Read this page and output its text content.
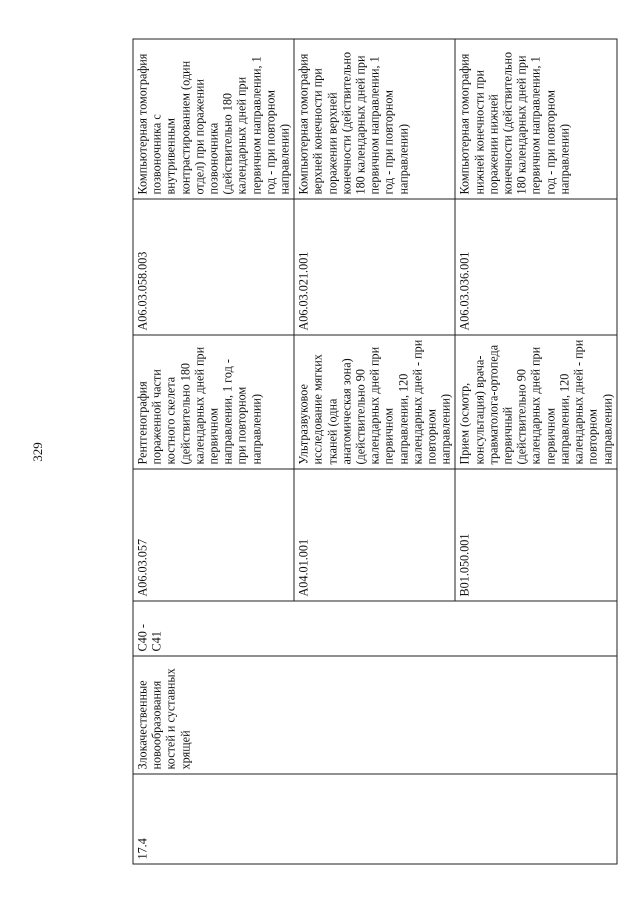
329
17.4	Злокачественные новообразования костей и суставных хрящей	C40 - C41	A06.03.057	Рентгенография пораженной части костного скелета (действительно 180 календарных дней при первичном направлении, 1 год - при повторном направлении)	A06.03.058.003	Компьютерная томография позвоночника с внутривенным контрастированием (один отдел) при поражении позвоночника (действительно 180 календарных дней при первичном направлении, 1 год - при повторном направлении)
			A04.01.001	Ультразвуковое исследование мягких тканей (одна анатомическая зона) (действительно 90 календарных дней при первичном направлении, 120 календарных дней - при повторном направлении)	A06.03.021.001	Компьютерная томография верхней конечности при поражении верхней конечности (действительно 180 календарных дней при первичном направлении, 1 год - при повторном направлении)
			B01.050.001	Прием (осмотр, консультация) врача-травматолога-ортопеда первичный (действительно 90 календарных дней при первичном направлении, 120 календарных дней - при повторном направлении)	A06.03.036.001	Компьютерная томография нижней конечности при поражении нижней конечности (действительно 180 календарных дней при первичном направлении, 1 год - при повторном направлении)
